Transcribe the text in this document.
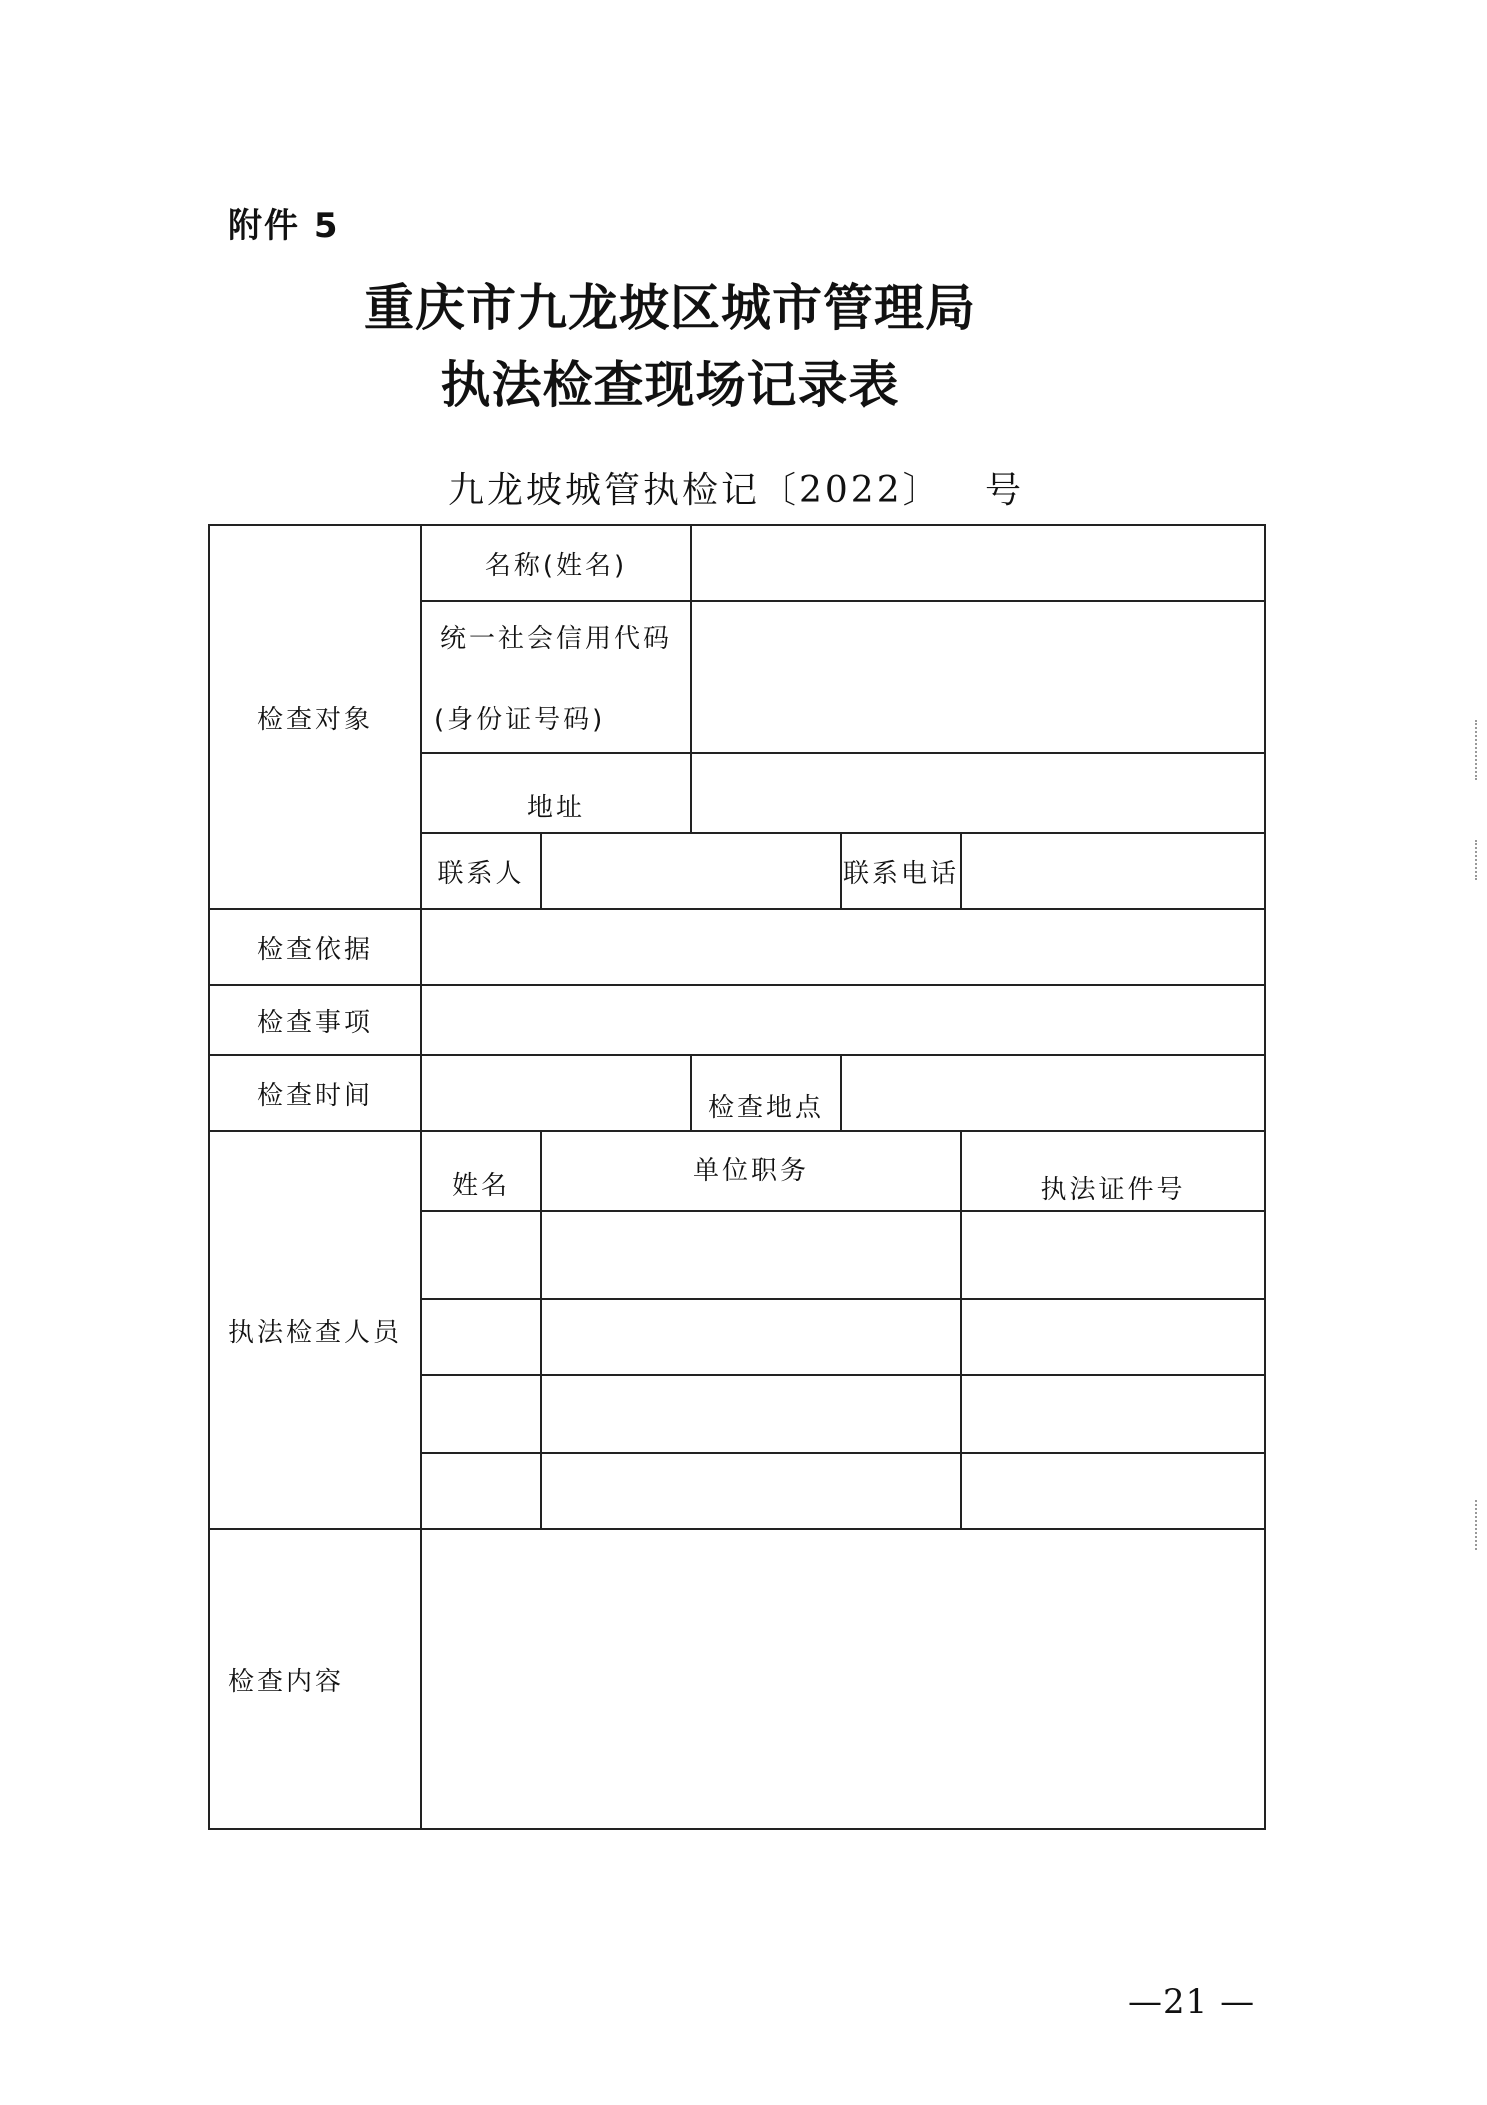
附件 5
重庆市九龙坡区城市管理局
执法检查现场记录表
九龙坡城管执检记〔2022〕   号
检查对象	名称(姓名)				

	统一社会信用代码
(身份证号码)				

	地址				
	联系人			联系电话	

检查依据					
检查事项					
检查时间			检查地点		
执法检查人员	姓名	单位职务			执法证件号

检查内容					
—21 —
